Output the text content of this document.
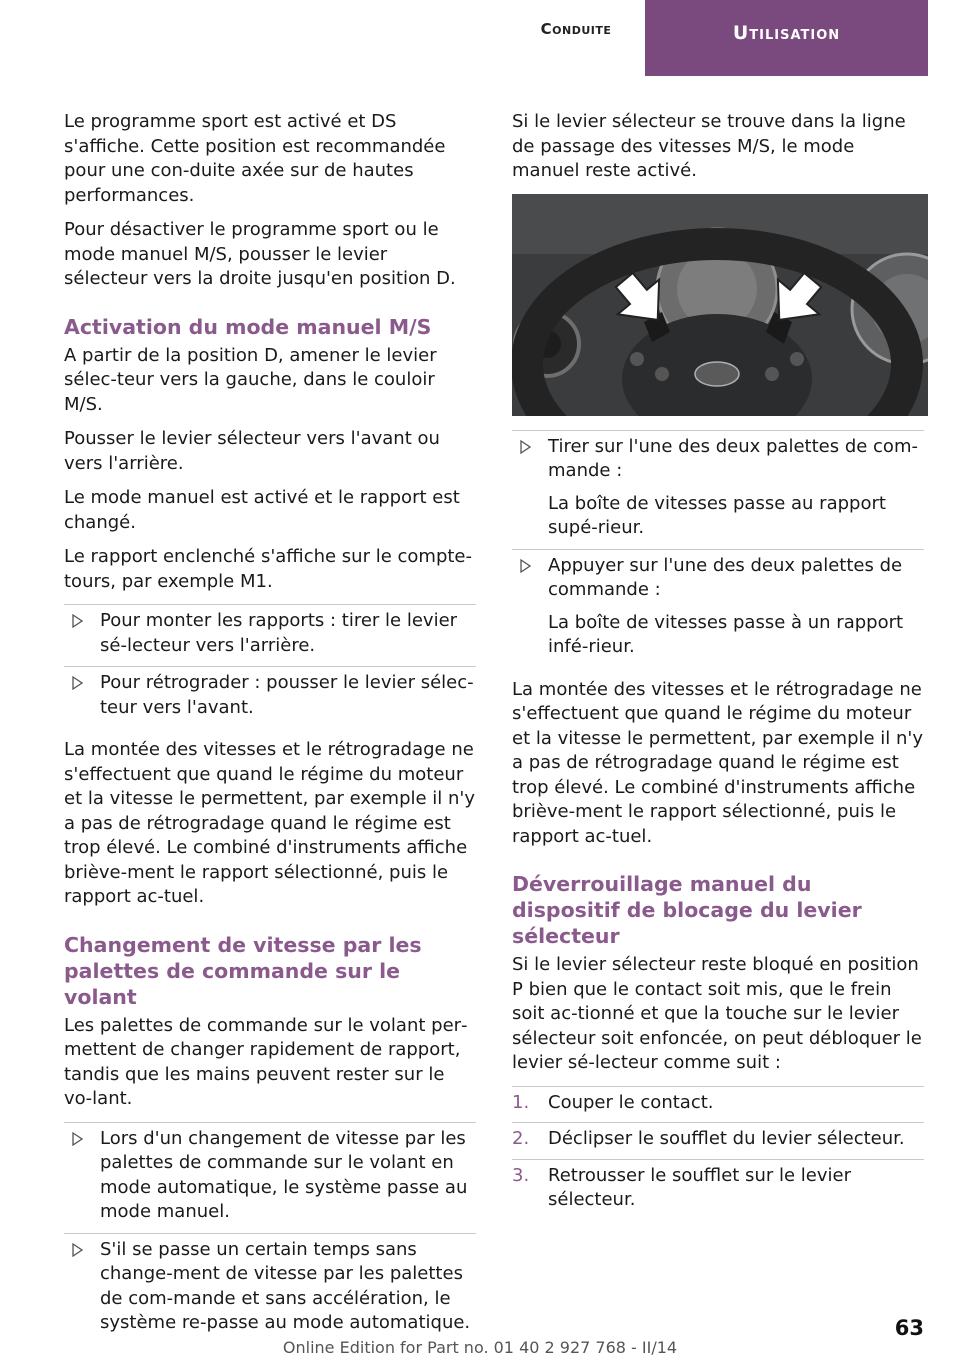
Conduite	Utilisation

Le programme sport est activé et DS s'affiche. Cette position est recommandée pour une con‐duite axée sur de hautes performances.

Pour désactiver le programme sport ou le mode manuel M/S, pousser le levier sélecteur vers la droite jusqu'en position D.

Activation du mode manuel M/S

A partir de la position D, amener le levier sélec‐teur vers la gauche, dans le couloir M/S.

Pousser le levier sélecteur vers l'avant ou vers l'arrière.

Le mode manuel est activé et le rapport est changé.

Le rapport enclenché s'affiche sur le compte-tours, par exemple M1.

Pour monter les rapports : tirer le levier sé‐lecteur vers l'arrière.
Pour rétrograder : pousser le levier sélec‐teur vers l'avant.

La montée des vitesses et le rétrogradage ne s'effectuent que quand le régime du moteur et la vitesse le permettent, par exemple il n'y a pas de rétrogradage quand le régime est trop élevé. Le combiné d'instruments affiche briève‐ment le rapport sélectionné, puis le rapport ac‐tuel.

Changement de vitesse par les palettes de commande sur le volant

Les palettes de commande sur le volant per‐mettent de changer rapidement de rapport, tandis que les mains peuvent rester sur le vo‐lant.

Lors d'un changement de vitesse par les palettes de commande sur le volant en mode automatique, le système passe au mode manuel.
S'il se passe un certain temps sans change‐ment de vitesse par les palettes de com‐mande et sans accélération, le système re‐passe au mode automatique.

Si le levier sélecteur se trouve dans la ligne de passage des vitesses M/S, le mode manuel reste activé.

Tirer sur l'une des deux palettes de com‐mande :
La boîte de vitesses passe au rapport supé‐rieur.
Appuyer sur l'une des deux palettes de commande :
La boîte de vitesses passe à un rapport infé‐rieur.

La montée des vitesses et le rétrogradage ne s'effectuent que quand le régime du moteur et la vitesse le permettent, par exemple il n'y a pas de rétrogradage quand le régime est trop élevé. Le combiné d'instruments affiche briève‐ment le rapport sélectionné, puis le rapport ac‐tuel.

Déverrouillage manuel du dispositif de blocage du levier sélecteur

Si le levier sélecteur reste bloqué en position P bien que le contact soit mis, que le frein soit ac‐tionné et que la touche sur le levier sélecteur soit enfoncée, on peut débloquer le levier sé‐lecteur comme suit :

1. Couper le contact.
2. Déclipser le soufflet du levier sélecteur.
3. Retrousser le soufflet sur le levier sélecteur.
Online Edition for Part no. 01 40 2 927 768 - II/14
63
